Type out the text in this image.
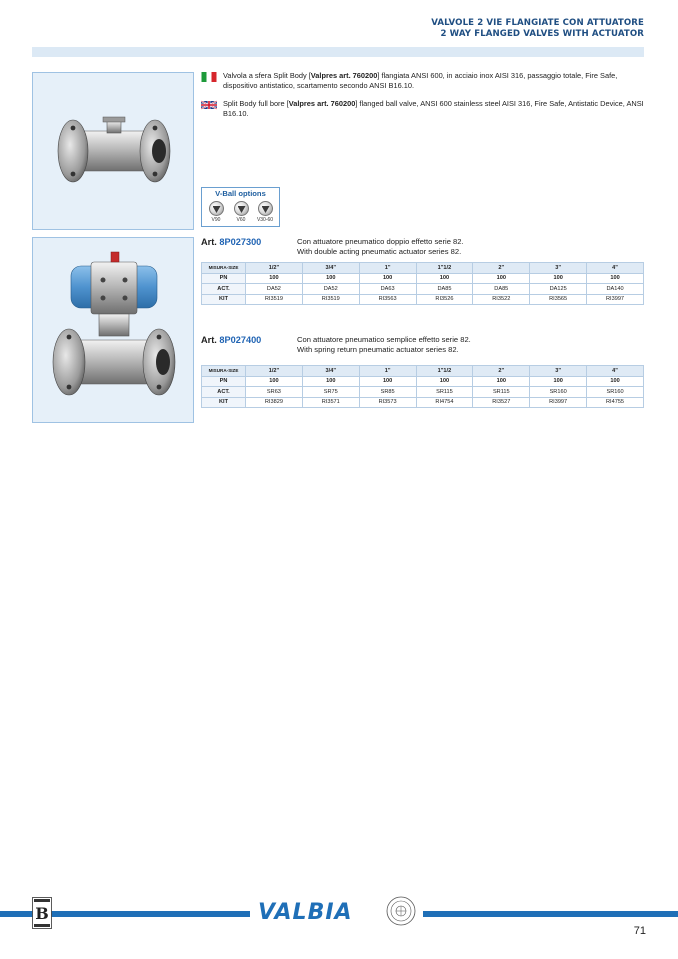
VALVOLE 2 VIE FLANGIATE CON ATTUATORE
2 WAY FLANGED VALVES WITH ACTUATOR
Valvola a sfera Split Body [Valpres art. 760200] flangiata ANSI 600, in acciaio inox AISI 316, passaggio totale, Fire Safe, dispositivo antistatico, scartamento secondo ANSI B16.10.
Split Body full bore [Valpres art. 760200] flanged ball valve, ANSI 600 stainless steel AISI 316, Fire Safe, Antistatic Device, ANSI B16.10.
V-Ball options
V90	V60	V30-60
Art. 8P027300	Con attuatore pneumatico doppio effetto serie 82.
With double acting pneumatic actuator series 82.
MISURA-SIZE	1/2"	3/4"	1"	1"1/2	2"	3"	4"
PN	100	100	100	100	100	100	100
ACT.	DA52	DA52	DA63	DA85	DA85	DA125	DA140
KIT	RI3519	RI3519	RI3563	RI3526	RI3522	RI3565	RI3997
Art. 8P027400	Con attuatore pneumatico semplice effetto serie 82.
With spring return pneumatic actuator series 82.
MISURA-SIZE	1/2"	3/4"	1"	1"1/2	2"	3"	4"
PN	100	100	100	100	100	100	100
ACT.	SR63	SR75	SR85	SR115	SR115	SR160	SR160
KIT	RI3829	RI3571	RI3573	RI4754	RI3527	RI3997	RI4755
B	VALBIA
71
